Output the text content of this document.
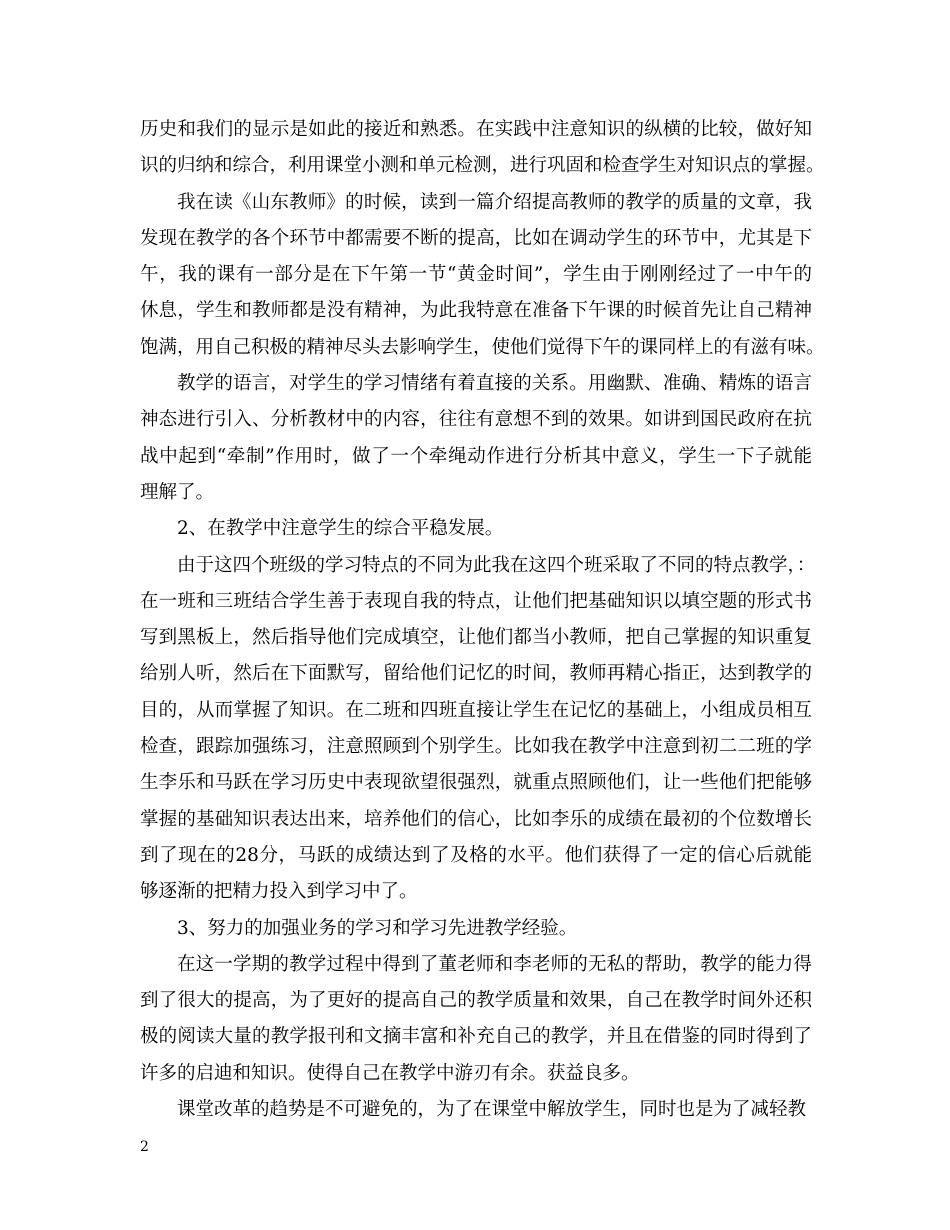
历史和我们的显示是如此的接近和熟悉。在实践中注意知识的纵横的比较，做好知
识的归纳和综合，利用课堂小测和单元检测，进行巩固和检查学生对知识点的掌握。
我在读《山东教师》的时候，读到一篇介绍提高教师的教学的质量的文章，我
发现在教学的各个环节中都需要不断的提高，比如在调动学生的环节中，尤其是下
午，我的课有一部分是在下午第一节“黄金时间”，学生由于刚刚经过了一中午的
休息，学生和教师都是没有精神，为此我特意在准备下午课的时候首先让自己精神
饱满，用自己积极的精神尽头去影响学生，使他们觉得下午的课同样上的有滋有味。
教学的语言，对学生的学习情绪有着直接的关系。用幽默、准确、精炼的语言
神态进行引入、分析教材中的内容，往往有意想不到的效果。如讲到国民政府在抗
战中起到“牵制”作用时，做了一个牵绳动作进行分析其中意义，学生一下子就能
理解了。
2、在教学中注意学生的综合平稳发展。
由于这四个班级的学习特点的不同为此我在这四个班采取了不同的特点教学，：
在一班和三班结合学生善于表现自我的特点，让他们把基础知识以填空题的形式书
写到黑板上，然后指导他们完成填空，让他们都当小教师，把自己掌握的知识重复
给别人听，然后在下面默写，留给他们记忆的时间，教师再精心指正，达到教学的
目的，从而掌握了知识。在二班和四班直接让学生在记忆的基础上，小组成员相互
检查，跟踪加强练习，注意照顾到个别学生。比如我在教学中注意到初二二班的学
生李乐和马跃在学习历史中表现欲望很强烈，就重点照顾他们，让一些他们把能够
掌握的基础知识表达出来，培养他们的信心，比如李乐的成绩在最初的个位数增长
到了现在的28分，马跃的成绩达到了及格的水平。他们获得了一定的信心后就能
够逐渐的把精力投入到学习中了。
3、努力的加强业务的学习和学习先进教学经验。
在这一学期的教学过程中得到了董老师和李老师的无私的帮助，教学的能力得
到了很大的提高，为了更好的提高自己的教学质量和效果，自己在教学时间外还积
极的阅读大量的教学报刊和文摘丰富和补充自己的教学，并且在借鉴的同时得到了
许多的启迪和知识。使得自己在教学中游刃有余。获益良多。
课堂改革的趋势是不可避免的，为了在课堂中解放学生，同时也是为了减轻教
2
